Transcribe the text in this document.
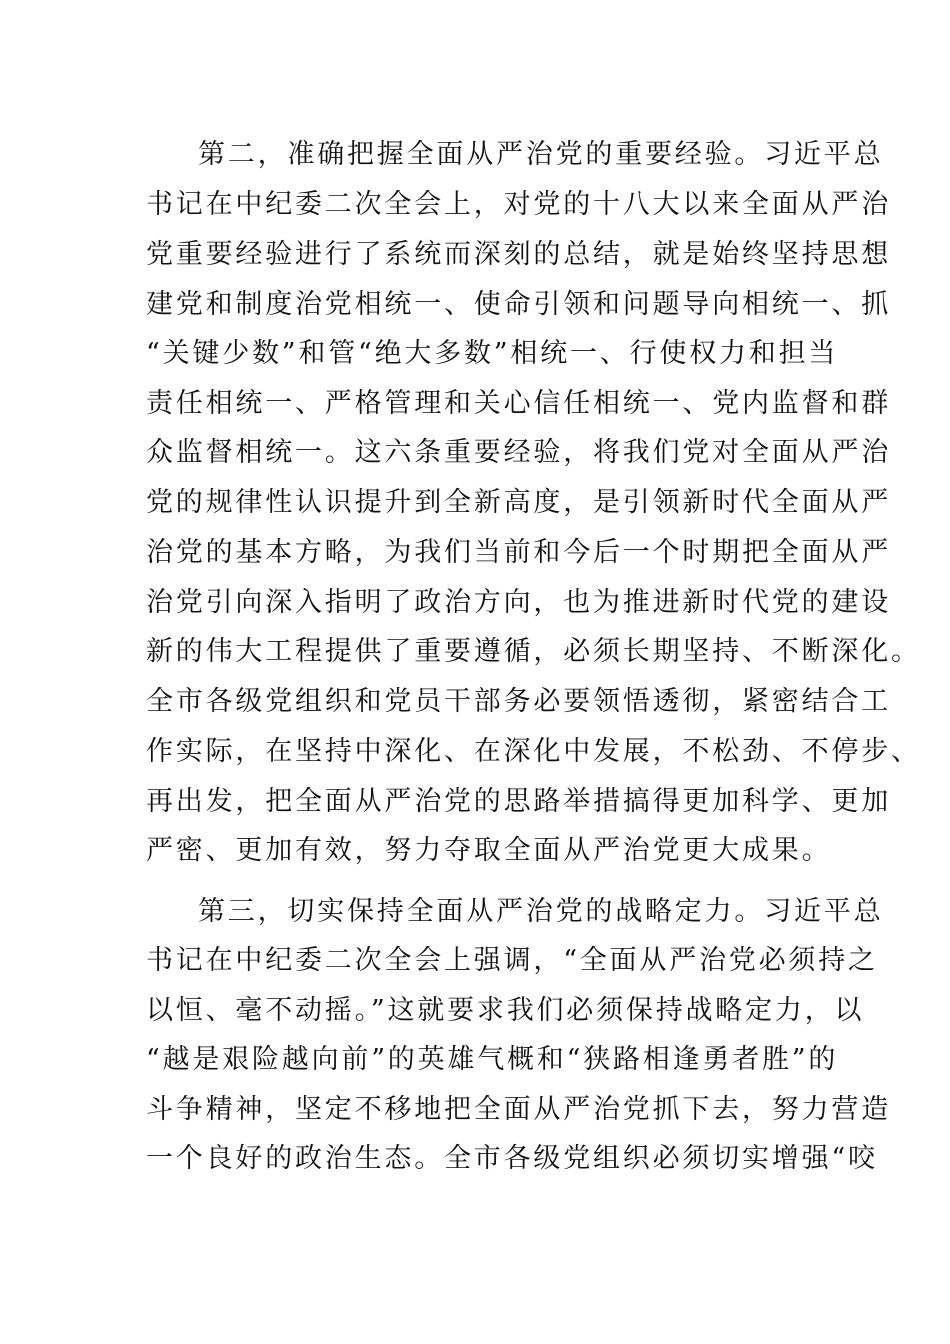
第二，准确把握全面从严治党的重要经验。习近平总
书记在中纪委二次全会上，对党的十八大以来全面从严治
党重要经验进行了系统而深刻的总结，就是始终坚持思想
建党和制度治党相统一、使命引领和问题导向相统一、抓
“关键少数”和管“绝大多数”相统一、行使权力和担当
责任相统一、严格管理和关心信任相统一、党内监督和群
众监督相统一。这六条重要经验，将我们党对全面从严治
党的规律性认识提升到全新高度，是引领新时代全面从严
治党的基本方略，为我们当前和今后一个时期把全面从严
治党引向深入指明了政治方向，也为推进新时代党的建设
新的伟大工程提供了重要遵循，必须长期坚持、不断深化。
全市各级党组织和党员干部务必要领悟透彻，紧密结合工
作实际，在坚持中深化、在深化中发展，不松劲、不停步、
再出发，把全面从严治党的思路举措搞得更加科学、更加
严密、更加有效，努力夺取全面从严治党更大成果。
第三，切实保持全面从严治党的战略定力。习近平总
书记在中纪委二次全会上强调，“全面从严治党必须持之
以恒、毫不动摇。”这就要求我们必须保持战略定力，以
“越是艰险越向前”的英雄气概和“狭路相逢勇者胜”的
斗争精神，坚定不移地把全面从严治党抓下去，努力营造
一个良好的政治生态。全市各级党组织必须切实增强“咬
